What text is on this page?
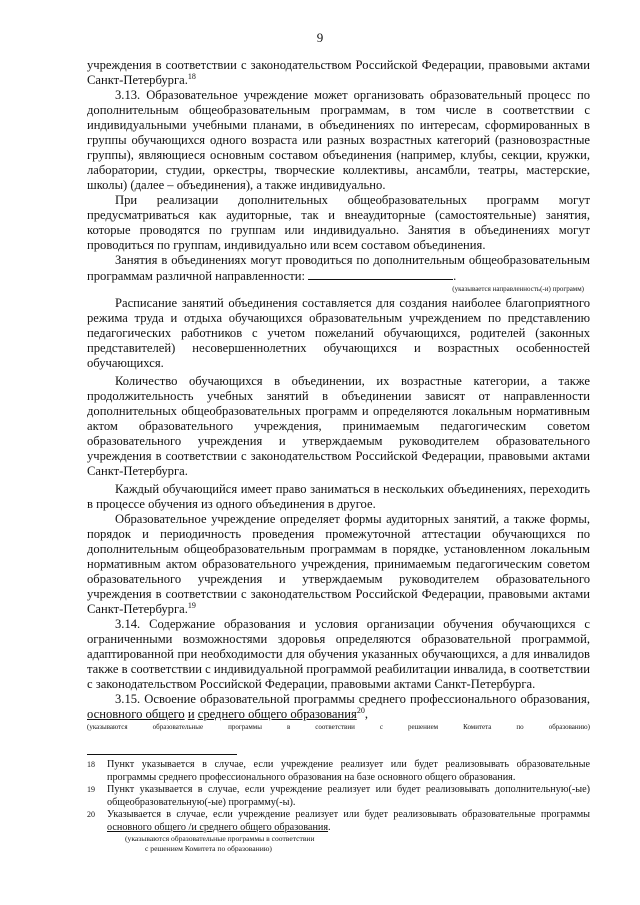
9

учреждения в соответствии с законодательством Российской Федерации, правовыми актами Санкт-Петербурга.$^{18}$

3.13. Образовательное учреждение может организовать образовательный процесс по дополнительным общеобразовательным программам, в том числе в соответствии с индивидуальными учебными планами, в объединениях по интересам, сформированных в группы обучающихся одного возраста или разных возрастных категорий (разновозрастные группы), являющиеся основным составом объединения (например, клубы, секции, кружки, лаборатории, студии, оркестры, творческие коллективы, ансамбли, театры, мастерские, школы) (далее – объединения), а также индивидуально.

При реализации дополнительных общеобразовательных программ могут предусматриваться как аудиторные, так и внеаудиторные (самостоятельные) занятия, которые проводятся по группам или индивидуально. Занятия в объединениях могут проводиться по группам, индивидуально или всем составом объединения.

Занятия в объединениях могут проводиться по дополнительным общеобразовательным программам различной направленности:	.

(указывается направленность(-и) программ)

Расписание занятий объединения составляется для создания наиболее благоприятного режима труда и отдыха обучающихся образовательным учреждением по представлению педагогических работников с учетом пожеланий обучающихся, родителей (законных представителей) несовершеннолетних обучающихся и возрастных особенностей обучающихся.

Количество обучающихся в объединении, их возрастные категории, а также продолжительность учебных занятий в объединении зависят от направленности дополнительных общеобразовательных программ и определяются локальным нормативным актом образовательного учреждения, принимаемым педагогическим советом образовательного учреждения и утверждаемым руководителем образовательного учреждения в соответствии с законодательством Российской Федерации, правовыми актами Санкт-Петербурга.

Каждый обучающийся имеет право заниматься в нескольких объединениях, переходить в процессе обучения из одного объединения в другое.

Образовательное учреждение определяет формы аудиторных занятий, а также формы, порядок и периодичность проведения промежуточной аттестации обучающихся по дополнительным общеобразовательным программам в порядке, установленном локальным нормативным актом образовательного учреждения, принимаемым педагогическим советом образовательного учреждения и утверждаемым руководителем образовательного учреждения в соответствии с законодательством Российской Федерации, правовыми актами Санкт-Петербурга.$^{19}$

3.14. Содержание образования и условия организации обучения обучающихся с ограниченными возможностями здоровья определяются образовательной программой, адаптированной при необходимости для обучения указанных обучающихся, а для инвалидов также в соответствии с индивидуальной программой реабилитации инвалида, в соответствии с законодательством Российской Федерации, правовыми актами Санкт-Петербурга.

3.15. Освоение образовательной программы среднего профессионального образования, основного общего и среднего общего образования$^{20}$,

(указываются	образовательные	программы	в	соответствии	с	решением	Комитета	по	образованию)
18	Пункт указывается в случае, если учреждение реализует или будет реализовывать образовательные программы среднего профессионального образования на базе основного общего образования.
19	Пункт указывается в случае, если учреждение реализует или будет реализовывать дополнительную(-ые) общеобразовательную(-ые) программу(-ы).
20	Указывается в случае, если учреждение реализует или будет реализовывать образовательные программы основного общего /и среднего общего образования.
(указываются образовательные программы в соответствии
с решением Комитета по образованию)
